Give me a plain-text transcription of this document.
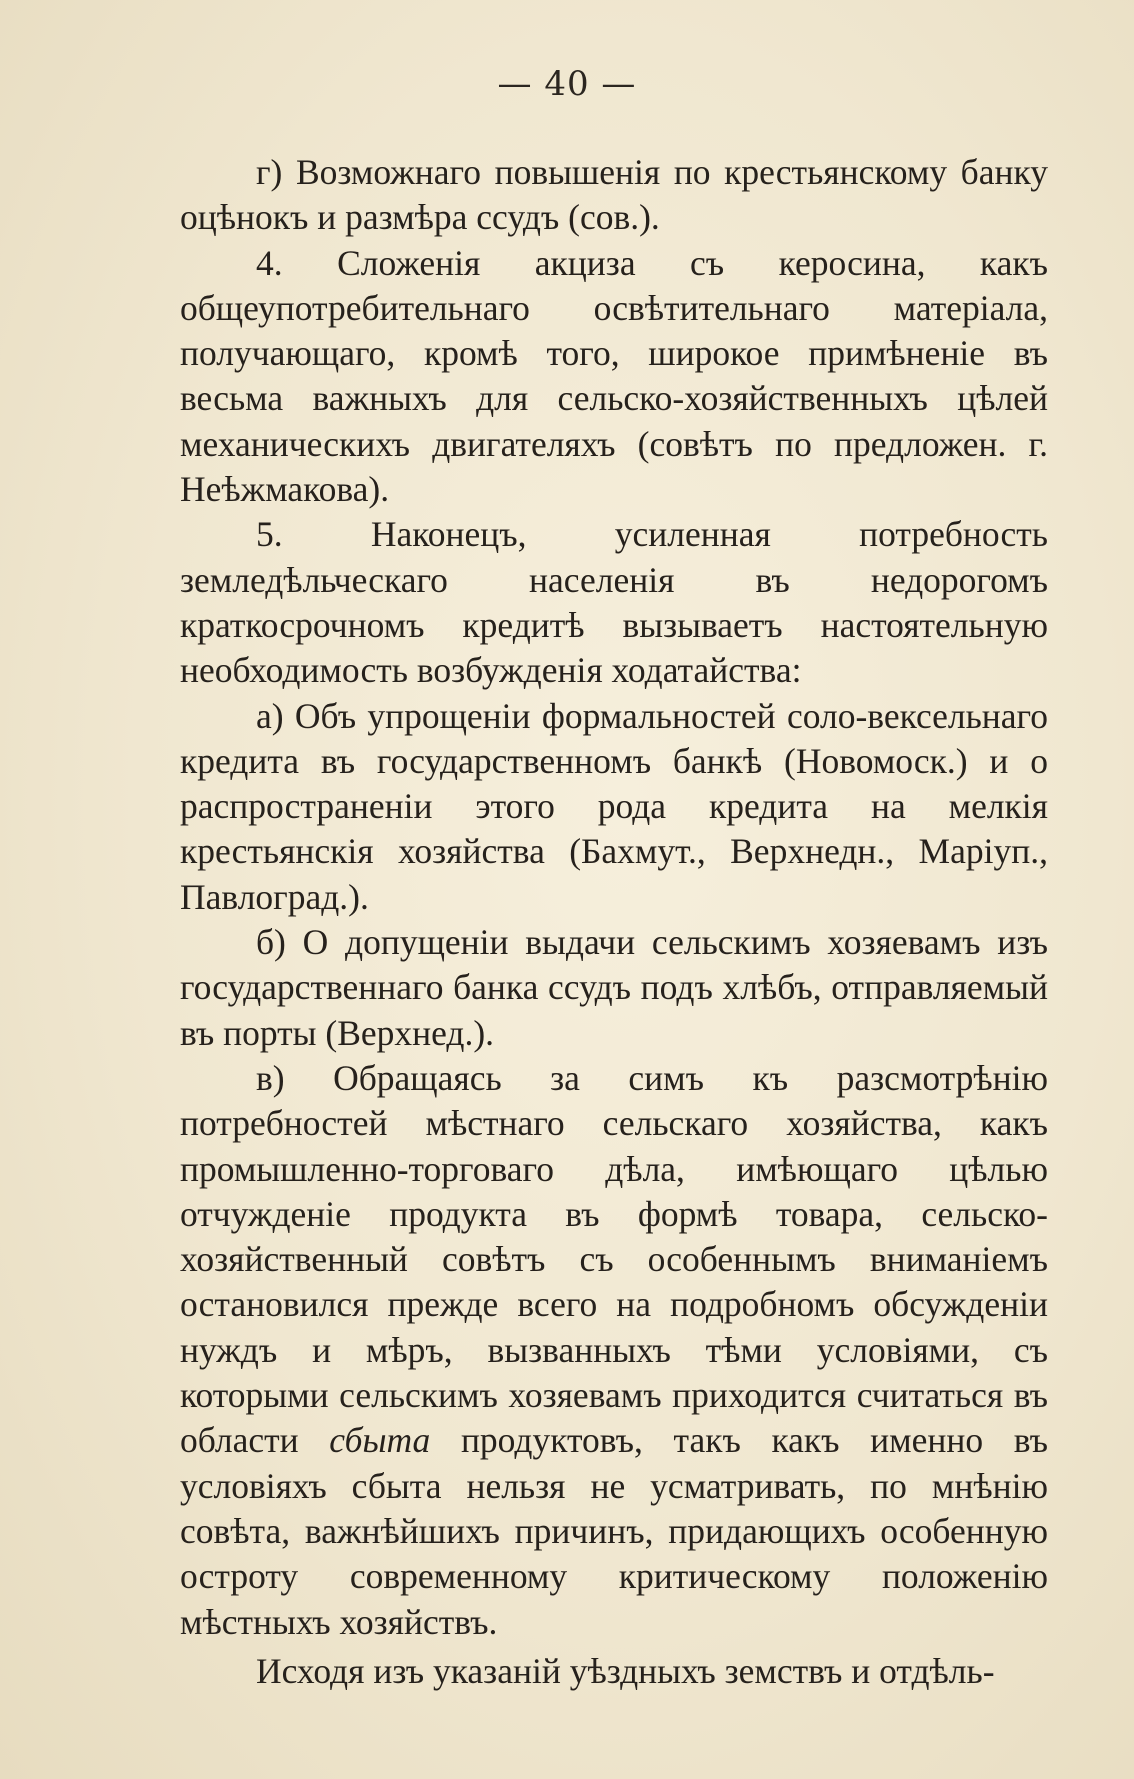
— 40 —

г) Возможнаго повышенія по крестьянскому банку оцѣнокъ и размѣра ссудъ (сов.).

4. Сложенія акциза съ керосина, какъ общеупотребительнаго освѣтительнаго матеріала, получающаго, кромѣ того, широкое примѣненіе въ весьма важныхъ для сельско-хозяйственныхъ цѣлей механическихъ двигателяхъ (совѣтъ по предложен. г. Неѣжмакова).

5. Наконецъ, усиленная потребность земледѣльческаго населенія въ недорогомъ краткосрочномъ кредитѣ вызываетъ настоятельную необходимость возбужденія ходатайства:

а) Объ упрощеніи формальностей соло-вексельнаго кредита въ государственномъ банкѣ (Новомоск.) и о распространеніи этого рода кредита на мелкія крестьянскія хозяйства (Бахмут., Верхнедн., Маріуп., Павлоград.).

б) О допущеніи выдачи сельскимъ хозяевамъ изъ государственнаго банка ссудъ подъ хлѣбъ, отправляемый въ порты (Верхнед.).

в) Обращаясь за симъ къ разсмотрѣнію потребностей мѣстнаго сельскаго хозяйства, какъ промышленно-торговаго дѣла, имѣющаго цѣлью отчужденіе продукта въ формѣ товара, сельско-хозяйственный совѣтъ съ особеннымъ вниманіемъ остановился прежде всего на подробномъ обсужденіи нуждъ и мѣръ, вызванныхъ тѣми условіями, съ которыми сельскимъ хозяевамъ приходится считаться въ области сбыта продуктовъ, такъ какъ именно въ условіяхъ сбыта нельзя не усматривать, по мнѣнію совѣта, важнѣйшихъ причинъ, придающихъ особенную остроту современному критическому положенію мѣстныхъ хозяйствъ.

Исходя изъ указаній уѣздныхъ земствъ и отдѣль-
